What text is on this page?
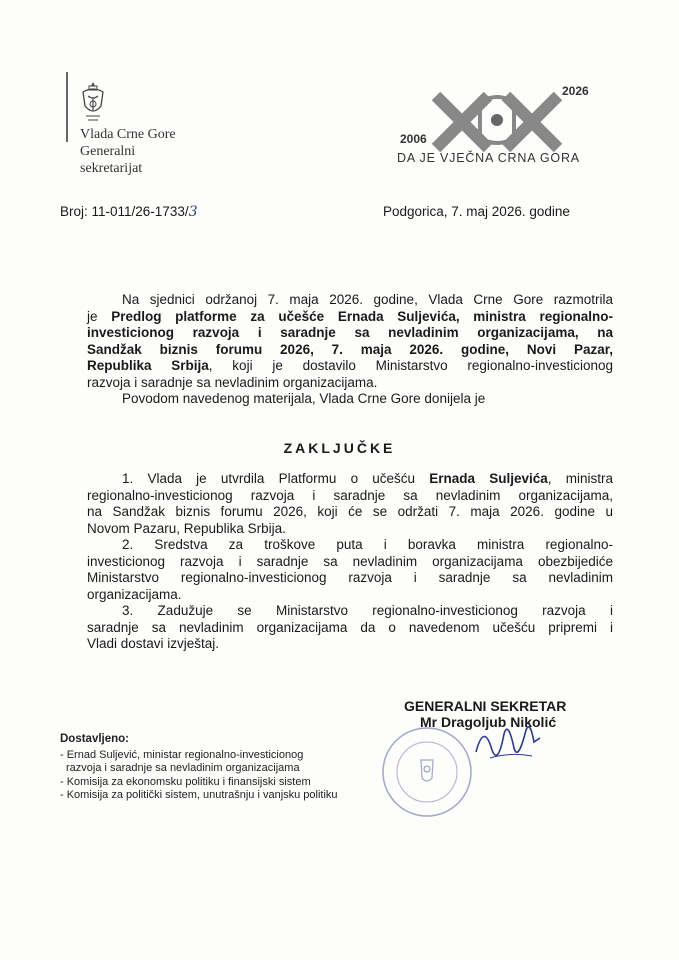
Vlada Crne Gore
Generalni
sekretarijat
2026
2006
DA JE VJEČNA CRNA GORA
Broj: 11-011/26-1733/3	Podgorica, 7. maj 2026. godine
Na sjednici održanoj 7. maja 2026. godine, Vlada Crne Gore razmotrila
je Predlog platforme za učešće Ernada Suljevića, ministra regionalno-
investicionog razvoja i saradnje sa nevladinim organizacijama, na
Sandžak biznis forumu 2026, 7. maja 2026. godine, Novi Pazar,
Republika Srbija, koji je dostavilo Ministarstvo regionalno-investicionog
razvoja i saradnje sa nevladinim organizacijama.
Povodom navedenog materijala, Vlada Crne Gore donijela je
ZAKLJUČKE
1. Vlada je utvrdila Platformu o učešću Ernada Suljevića, ministra
regionalno-investicionog razvoja i saradnje sa nevladinim organizacijama,
na Sandžak biznis forumu 2026, koji će se održati 7. maja 2026. godine u
Novom Pazaru, Republika Srbija.
2. Sredstva za troškove puta i boravka ministra regionalno-
investicionog razvoja i saradnje sa nevladinim organizacijama obezbijediće
Ministarstvo regionalno-investicionog razvoja i saradnje sa nevladinim
organizacijama.
3. Zadužuje se Ministarstvo regionalno-investicionog razvoja i
saradnje sa nevladinim organizacijama da o navedenom učešću pripremi i
Vladi dostavi izvještaj.
GENERALNI SEKRETAR
Mr Dragoljub Nikolić
Dostavljeno:
- Ernad Suljević, ministar regionalno-investicionog
razvoja i saradnje sa nevladinim organizacijama
- Komisija za ekonomsku politiku i finansijski sistem
- Komisija za politički sistem, unutrašnju i vanjsku politiku
